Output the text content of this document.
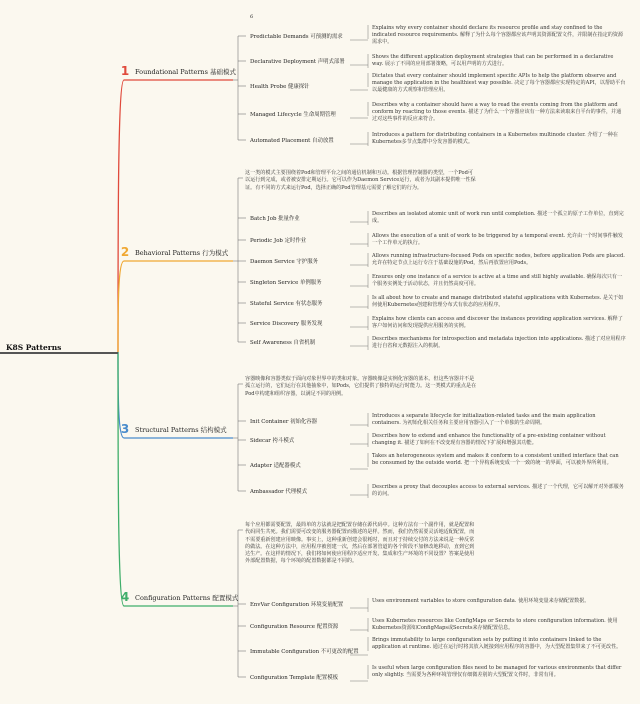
K8S Patterns
6
1 Foundational Patterns 基础模式
Predictable Demands 可预测的需求
Explains why every container should declare its resource profile and stay confined to the indicated resource requirements. 解释了为什么每个容器都应该声明其资源配置文件，并限制在指定的资源需求中。
Declarative Deployment 声明式部署
Shows the different application deployment strategies that can be performed in a declarative way. 展示了不同的应用部署策略，可以用声明的方式进行。
Health Probe 健康探针
Dictates that every container should implement specific APIs to help the platform observe and manage the application in the healthiest way possible. 决定了每个容器都应实现特定的API，以帮助平台以最健康的方式观察和管理应用。
Managed Lifecycle 生命周期管理
Describes why a container should have a way to read the events coming from the platform and conform by reacting to those events. 描述了为什么一个容器应该有一种方法来读取来自平台的事件，并通过对这些事件的反应来符合。
Automated Placement 自动放置
Introduces a pattern for distributing containers in a Kubernetes multinode cluster. 介绍了一种在Kubernetes多节点集群中分发容器的模式。
2 Behavioral Patterns 行为模式
这一类的模式主要围绕着Pod和管理平台之间的通信机制和互动。根据管理控制器的类型，一个Pod可以运行到完成，或者被安排定期运行。它可以作为Daemon Service运行，或者为其副本提供唯一性保证。有不同的方式来运行Pod，选择正确的Pod管理基元需要了解它们的行为。
Batch Job 批量作业
Describes an isolated atomic unit of work run until completion. 描述一个孤立的原子工作单位，直到完成。
Periodic Job 定时作业
Allows the execution of a unit of work to be triggered by a temporal event. 允许由一个时间事件触发一个工作单元的执行。
Daemon Service 守护服务
Allows running infrastructure-focused Pods on specific nodes, before application Pods are placed. 允许在特定节点上运行专注于基础设施的Pod，然后再放置应用Pods。
Singleton Service 单例服务
Ensures only one instance of a service is active at a time and still highly available. 确保每次只有一个服务实例处于活动状态，并且仍然高度可用。
Stateful Service 有状态服务
Is all about how to create and manage distributed stateful applications with Kubernetes. 是关于如何使用Kubernetes创建和管理分布式有状态的应用程序。
Service Discovery 服务发现
Explains how clients can access and discover the instances providing application services. 解释了客户如何访问和发现提供应用服务的实例。
Self Awareness 自省机制
Describes mechanisms for introspection and metadata injection into applications. 描述了对应用程序进行自省和元数据注入的机制。
3 Structural Patterns 结构模式
容器映像和容器类似于面向对象世界中的类和对象。容器映像是实例化容器的蓝本。但这些容器并不是孤立运行的，它们运行在其他抽象中，如Pods，它们提供了独特的运行时能力。这一类模式的重点是在Pod中构建和组织容器，以满足不同的用例。
Init Container 初始化容器
Introduces a separate lifecycle for initialization-related tasks and the main application containers. 为初始化相关任务和主要应用容器引入了一个单独的生命周期。
Sidecar 挎斗模式
Describes how to extend and enhance the functionality of a pre-existing container without changing it. 描述了如何在不改变现有容器的情况下扩展和增强其功能。
Adapter 适配器模式
Takes an heterogeneous system and makes it conform to a consistent unified interface that can be consumed by the outside world. 把一个异构系统变成一个一致的统一的界面，可以被外界所利用。
Ambassador 代理模式
Describes a proxy that decouples access to external services. 描述了一个代理，它可以解开对外部服务的访问。
4 Configuration Patterns 配置模式
每个应用都需要配置，最简单的方法就是把配置存储在源代码中。这种方法有一个副作用，就是配置和代码同生共死。我们需要可改变的服务器配置而描述的是样。然而，我们仍然需要灵活地适配配置，而不需要重新创建应用映像。事实上，这种重新创建会很耗时，而且对于持续交付的方法来说是一种反常的做法。在这种方法中，应用程序被创建一次，然后在部署管道的各个阶段不加修改地移动，直到它到达生产。在这样的情况下，我们将如何使应用程序适应开发、集成和生产环境的不同设置？答案是使用外部配置数据，每个环境的配置数据都是不同的。
EnvVar Configuration 环境变量配置
Uses environment variables to store configuration data. 使用环境变量来存储配置数据。
Configuration Resource 配置资源
Uses Kubernetes resources like ConfigMaps or Secrets to store configuration information. 使用Kubernetes资源如ConfigMaps或Secrets来存储配置信息。
Immutable Configuration 不可更改的配置
Brings immutability to large configuration sets by putting it into containers linked to the application at runtime. 通过在运行时将其放入链接到应用程序的容器中，为大型配置集带来了不可更改性。
Configuration Template 配置模板
Is useful when large configuration files need to be managed for various environments that differ only slightly. 当需要为各种环境管理仅有细微差别的大型配置文件时，非常有用。
